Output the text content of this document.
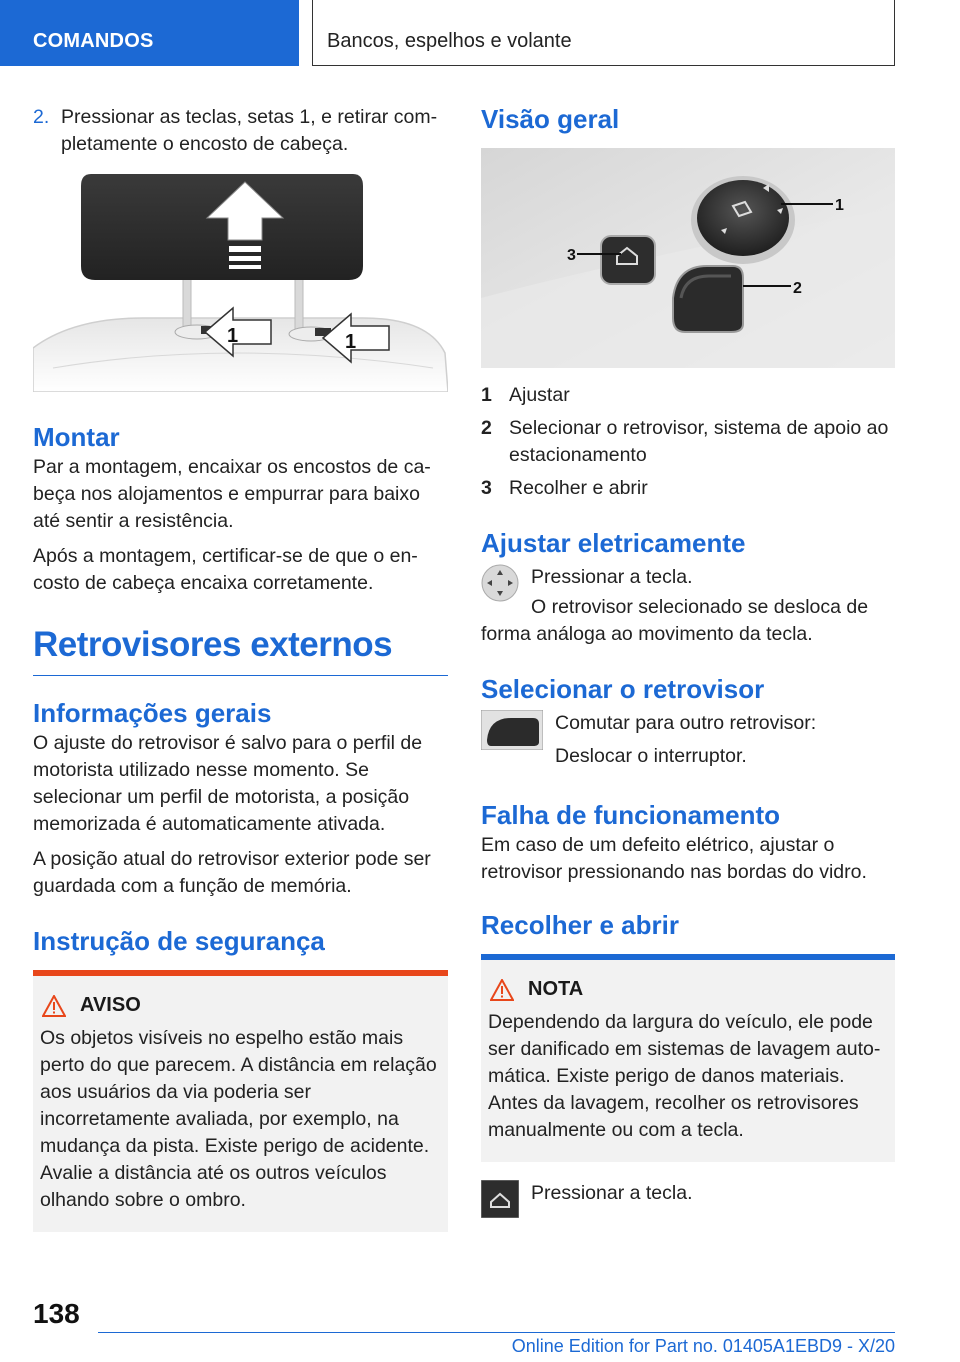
COMANDOS	Bancos, espelhos e volante
2. Pressionar as teclas, setas 1, e retirar completamente o encosto de cabeça.
1	1
Montar

Par a montagem, encaixar os encostos de cabeça nos alojamentos e empurrar para baixo até sentir a resistência.

Após a montagem, certificar-se de que o encosto de cabeça encaixa corretamente.

Retrovisores externos
Informações gerais

O ajuste do retrovisor é salvo para o perfil de motorista utilizado nesse momento. Se selecionar um perfil de motorista, a posição memorizada é automaticamente ativada.

A posição atual do retrovisor exterior pode ser guardada com a função de memória.

Instrução de segurança
AVISO

Os objetos visíveis no espelho estão mais perto do que parecem. A distância em relação aos usuários da via poderia ser incorretamente avaliada, por exemplo, na mudança da pista. Existe perigo de acidente. Avalie a distância até os outros veículos olhando sobre o ombro.

Visão geral
1
2
3
1 Ajustar
2 Selecionar o retrovisor, sistema de apoio ao estacionamento
3 Recolher e abrir
Ajustar eletricamente

Pressionar a tecla.

O retrovisor selecionado se desloca de forma análoga ao movimento da tecla.

Selecionar o retrovisor

Comutar para outro retrovisor:

Deslocar o interruptor.

Falha de funcionamento

Em caso de um defeito elétrico, ajustar o retrovisor pressionando nas bordas do vidro.

Recolher e abrir
NOTA

Dependendo da largura do veículo, ele pode ser danificado em sistemas de lavagem automática. Existe perigo de danos materiais. Antes da lavagem, recolher os retrovisores manualmente ou com a tecla.

Pressionar a tecla.

138
Online Edition for Part no. 01405A1EBD9 - X/20
